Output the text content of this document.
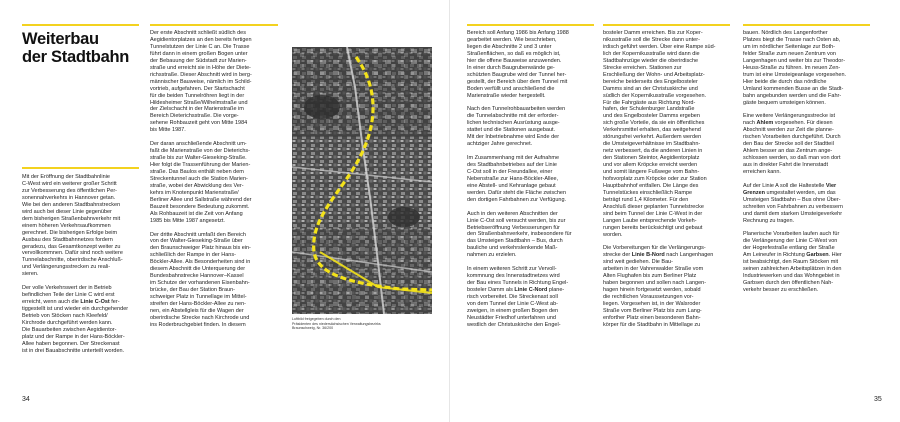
Weiterbau
der Stadtbahn

Mit der Eröffnung der Stadtbahnlinie
C-West wird ein weiterer großer Schritt
zur Verbesserung des öffentlichen Per-
sonennahverkehrs in Hannover getan.
Wie bei den anderen Stadtbahnstrecken
wird auch bei dieser Linie gegenüber
dem bisherigen Straßenbahnverkehr mit
einem höheren Verkehrsaufkommen
gerechnet. Die bisherigen Erfolge beim
Ausbau des Stadtbahnnetzes fordern
geradezu, das Gesamtkonzept weiter zu
vervollkommnen. Dafür sind noch weitere
Tunnelabschnitte, oberirdische Anschluß-
und Verlängerungsstrecken zu reali-
sieren.

Der volle Verkehrswert der in Betrieb
befindlichen Teile der Linie C wird erst
erreicht, wenn auch die Linie C-Ost fer-
tiggestellt ist und wieder ein durchgehender
Betrieb von Stöcken nach Kleefeld/
Kirchrode durchgeführt werden kann.
Die Bauarbeiten zwischen Aegidientor-
platz und der Rampe in der Hans-Böckler-
Allee haben begonnen. Der Streckenast
ist in drei Bauabschnitte unterteilt worden.

Der erste Abschnitt schließt südlich des
Aegidientorplatzes an den bereits fertigen
Tunnelstutzen der Linie C an. Die Trasse
führt dann in einem großen Bogen unter
der Bebauung der Südstadt zur Marien-
straße und erreicht sie in Höhe der Diete-
richsstraße. Dieser Abschnitt wird in berg-
männischer Bauweise, nämlich im Schild-
vortrieb, aufgefahren. Der Startschacht
für die beiden Tunnelröhren liegt in der
Hildesheimer Straße/Wilhelmstraße und
der Zielschacht in der Marienstraße im
Bereich Dieterichsstraße. Die vorge-
sehene Rohbauzeit geht von Mitte 1984
bis Mitte 1987.

Der daran anschließende Abschnitt um-
faßt die Marienstraße von der Dieterichs-
straße bis zur Walter-Gieseking-Straße.
Hier folgt die Trassenführung der Marien-
straße. Das Baulos enthält neben dem
Streckentunnel auch die Station Marien-
straße, wobei der Abwicklung des Ver-
kehrs im Knotenpunkt Marienstraße/
Berliner Allee und Sallstraße während der
Bauzeit besondere Bedeutung zukommt.
Als Rohbauzeit ist die Zeit von Anfang
1985 bis Mitte 1987 angesetzt.

Der dritte Abschnitt umfaßt den Bereich
von der Walter-Gieseking-Straße über
den Braunschweiger Platz hinaus bis ein-
schließlich der Rampe in der Hans-
Böckler-Allee. Als Besonderheiten sind in
diesem Abschnitt die Unterquerung der
Bundesbahnstrecke Hannover–Kassel
im Schutze der vorhandenen Eisenbahn-
brücke, der Bau der Station Braun-
schweiger Platz in Tunnellage im Mittel-
streifen der Hans-Böckler-Allee zu nen-
nen, ein Abstellgleis für die Wagen der
oberirdische Strecke nach Kirchrode und
ins Roderbruchgebiet finden. In diesem

Luftbild freigegeben durch den
Präsidenten des niedersächsischen Verwaltungsbezirks
Braunschweig, Nr. 36/200
34

Bereich soll Anfang 1986 bis Anfang 1988
gearbeitet werden. Wie beschrieben,
liegen die Abschnitte 2 und 3 unter
Straßenflächen, so daß es möglich ist,
hier die offene Bauweise anzuwenden.
In einer durch Baugrubenwände ge-
schützten Baugrube wird der Tunnel her-
gestellt, der Bereich über dem Tunnel mit
Boden verfüllt und anschließend die
Marienstraße wieder hergestellt.

Nach den Tunnelrohbauarbeiten werden
die Tunnelabschnitte mit der erforder-
lichen technischen Ausrüstung ausge-
stattet und die Stationen ausgebaut.
Mit der Inbetriebnahme wird Ende der
achtziger Jahre gerechnet.

Im Zusammenhang mit der Aufnahme
des Stadtbahnbetriebes auf der Linie
C-Ost soll in der Freundallee, einer
Nebenstraße zur Hans-Böckler-Allee,
eine Abstell- und Kehranlage gebaut
werden. Dafür steht die Fläche zwischen
den dortigen Fahrbahnen zur Verfügung.

Auch in den weiteren Abschnitten der
Linie C-Ost soll versucht werden, bis zur
Betriebseröffnung Verbesserungen für
den Straßenbahnverkehr, insbesondere für
das Umsteigen Stadtbahn – Bus, durch
bauliche und verkehrslenkende Maß-
nahmen zu erzielen.

In einem weiteren Schritt zur Vervoll-
kommnung des Innenstadtnetzes wird
der Bau eines Tunnels in Richtung Engel-
bosteler Damm als Linie C-Nord plane-
risch vorbereitet. Die Streckenast soll
von dem Tunnel der Linie C-West ab-
zweigen, in einem großen Bogen den
Neustädter Friedhof unterfahren und
westlich der Christuskirche den Engel-

bosteler Damm erreichen. Bis zur Koper-
nikusstraße soll die Strecke dann unter-
irdisch geführt werden. Über eine Rampe süd-
lich der Kopernikusstraße wird dann die
Stadtbahnzüge wieder die oberirdische
Strecke erreichen. Stationen zur
Erschließung der Wohn- und Arbeitsplatz-
bereiche beiderseits des Engelbosteler
Damms sind an der Christuskirche und
südlich der Kopernikusstraße vorgesehen.
Für die Fahrgäste aus Richtung Nord-
hafen, der Schulenburger Landstraße
und des Engelbosteler Damms ergeben
sich große Vorteile, da sie ein öffentliches
Verkehrsmittel erhalten, das weitgehend
störungsfrei verkehrt. Außerdem werden
die Umsteigeverhältnisse im Stadtbahn-
netz verbessert, da die anderen Linien in
den Stationen Steintor, Aegidientorplatz
und vor allem Kröpcke erreicht werden
und somit längere Fußwege vom Bahn-
hofsvorplatz zum Kröpcke oder zur Station
Hauptbahnhof entfallen. Die Länge des
Tunnelstückes einschließlich Rampe
beträgt rund 1,4 Kilometer. Für den
Anschluß dieser geplanten Tunnelstrecke
sind beim Tunnel der Linie C-West in der
Langen Laube entsprechende Vorkeh-
rungen bereits berücksichtigt und gebaut
worden.

Die Vorbereitungen für die Verlängerungs-
strecke der Linie B-Nord nach Langenhagen
sind weit gediehen. Die Bau-
arbeiten in der Vahrenwalder Straße vom
Alten Flughafen bis zum Berliner Platz
haben begonnen und sollen nach Langen-
hagen hinein fortgesetzt werden, sobald
die rechtlichen Voraussetzungen vor-
liegen. Vorgesehen ist, in der Walsroder
Straße vom Berliner Platz bis zum Lang-
enforther Platz einen besonderen Bahn-
körper für die Stadtbahn in Mittellage zu

bauen. Nördlich des Langenforther
Platzes biegt die Trasse nach Osten ab,
um im nördlicher Seitenlage zur Both-
felder Straße zum neuen Zentrum von
Langenhagen und weiter bis zur Theodor-
Heuss-Straße zu führen. Im neuen Zen-
trum ist eine Umsteigeanlage vorgesehen.
Hier beide die durch das nördliche
Umland kommenden Busse an die Stadt-
bahn angebunden werden und die Fahr-
gäste bequem umsteigen können.

Eine weitere Verlängerungsstrecke ist
nach Ahlem vorgesehen. Für diesen
Abschnitt werden zur Zeit die planne-
rischen Vorarbeiten durchgeführt. Durch
den Bau der Strecke soll der Stadtteil
Ahlem besser an das Zentrum ange-
schlossen werden, so daß man von dort
aus in direkter Fahrt die Innenstadt
erreichen kann.

Auf der Linie A soll die Haltestelle Vier
Grenzen umgestaltet werden, um das
Umsteigen Stadtbahn – Bus ohne Über-
schreiten von Fahrbahnen zu verbessern
und damit dem starken Umsteigeverkehr
Rechnung zu tragen.

Planerische Vorarbeiten laufen auch für
die Verlängerung der Linie C-West von
der Hogrefestraße entlang der Straße
Am Leineufer in Richtung Garbsen. Hier
ist beabsichtigt, den Raum Stöcken mit
seinen zahlreichen Arbeitsplätzen in den
Industriewerken und das Wohngebiet in
Garbsen durch den öffentlichen Nah-
verkehr besser zu erschließen.

35
